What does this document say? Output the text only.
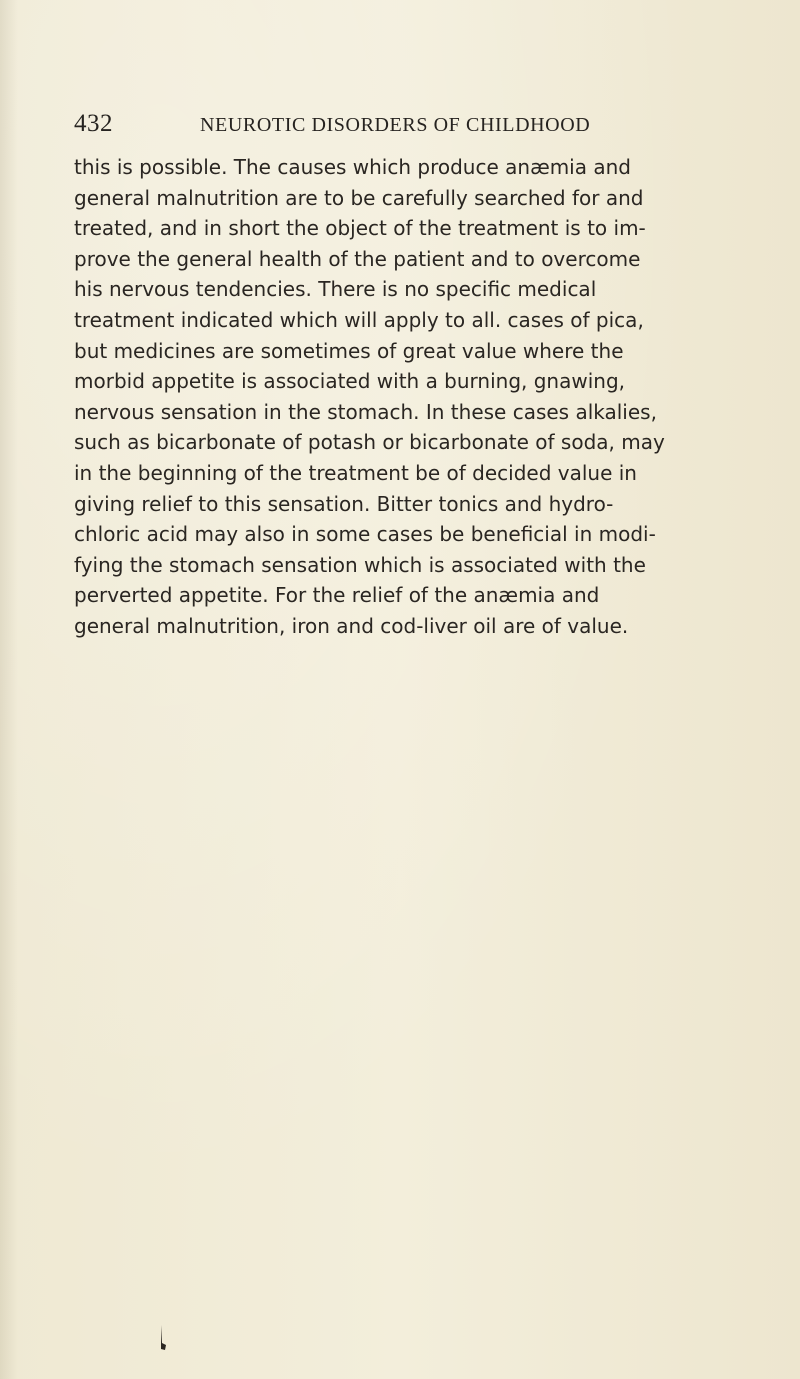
432	NEUROTIC DISORDERS OF CHILDHOOD
this is possible. The causes which produce anæmia and
general malnutrition are to be carefully searched for and
treated, and in short the object of the treatment is to im-
prove the general health of the patient and to overcome
his nervous tendencies. There is no specific medical
treatment indicated which will apply to all. cases of pica,
but medicines are sometimes of great value where the
morbid appetite is associated with a burning, gnawing,
nervous sensation in the stomach. In these cases alkalies,
such as bicarbonate of potash or bicarbonate of soda, may
in the beginning of the treatment be of decided value in
giving relief to this sensation. Bitter tonics and hydro-
chloric acid may also in some cases be beneficial in modi-
fying the stomach sensation which is associated with the
perverted appetite. For the relief of the anæmia and
general malnutrition, iron and cod-liver oil are of value.
